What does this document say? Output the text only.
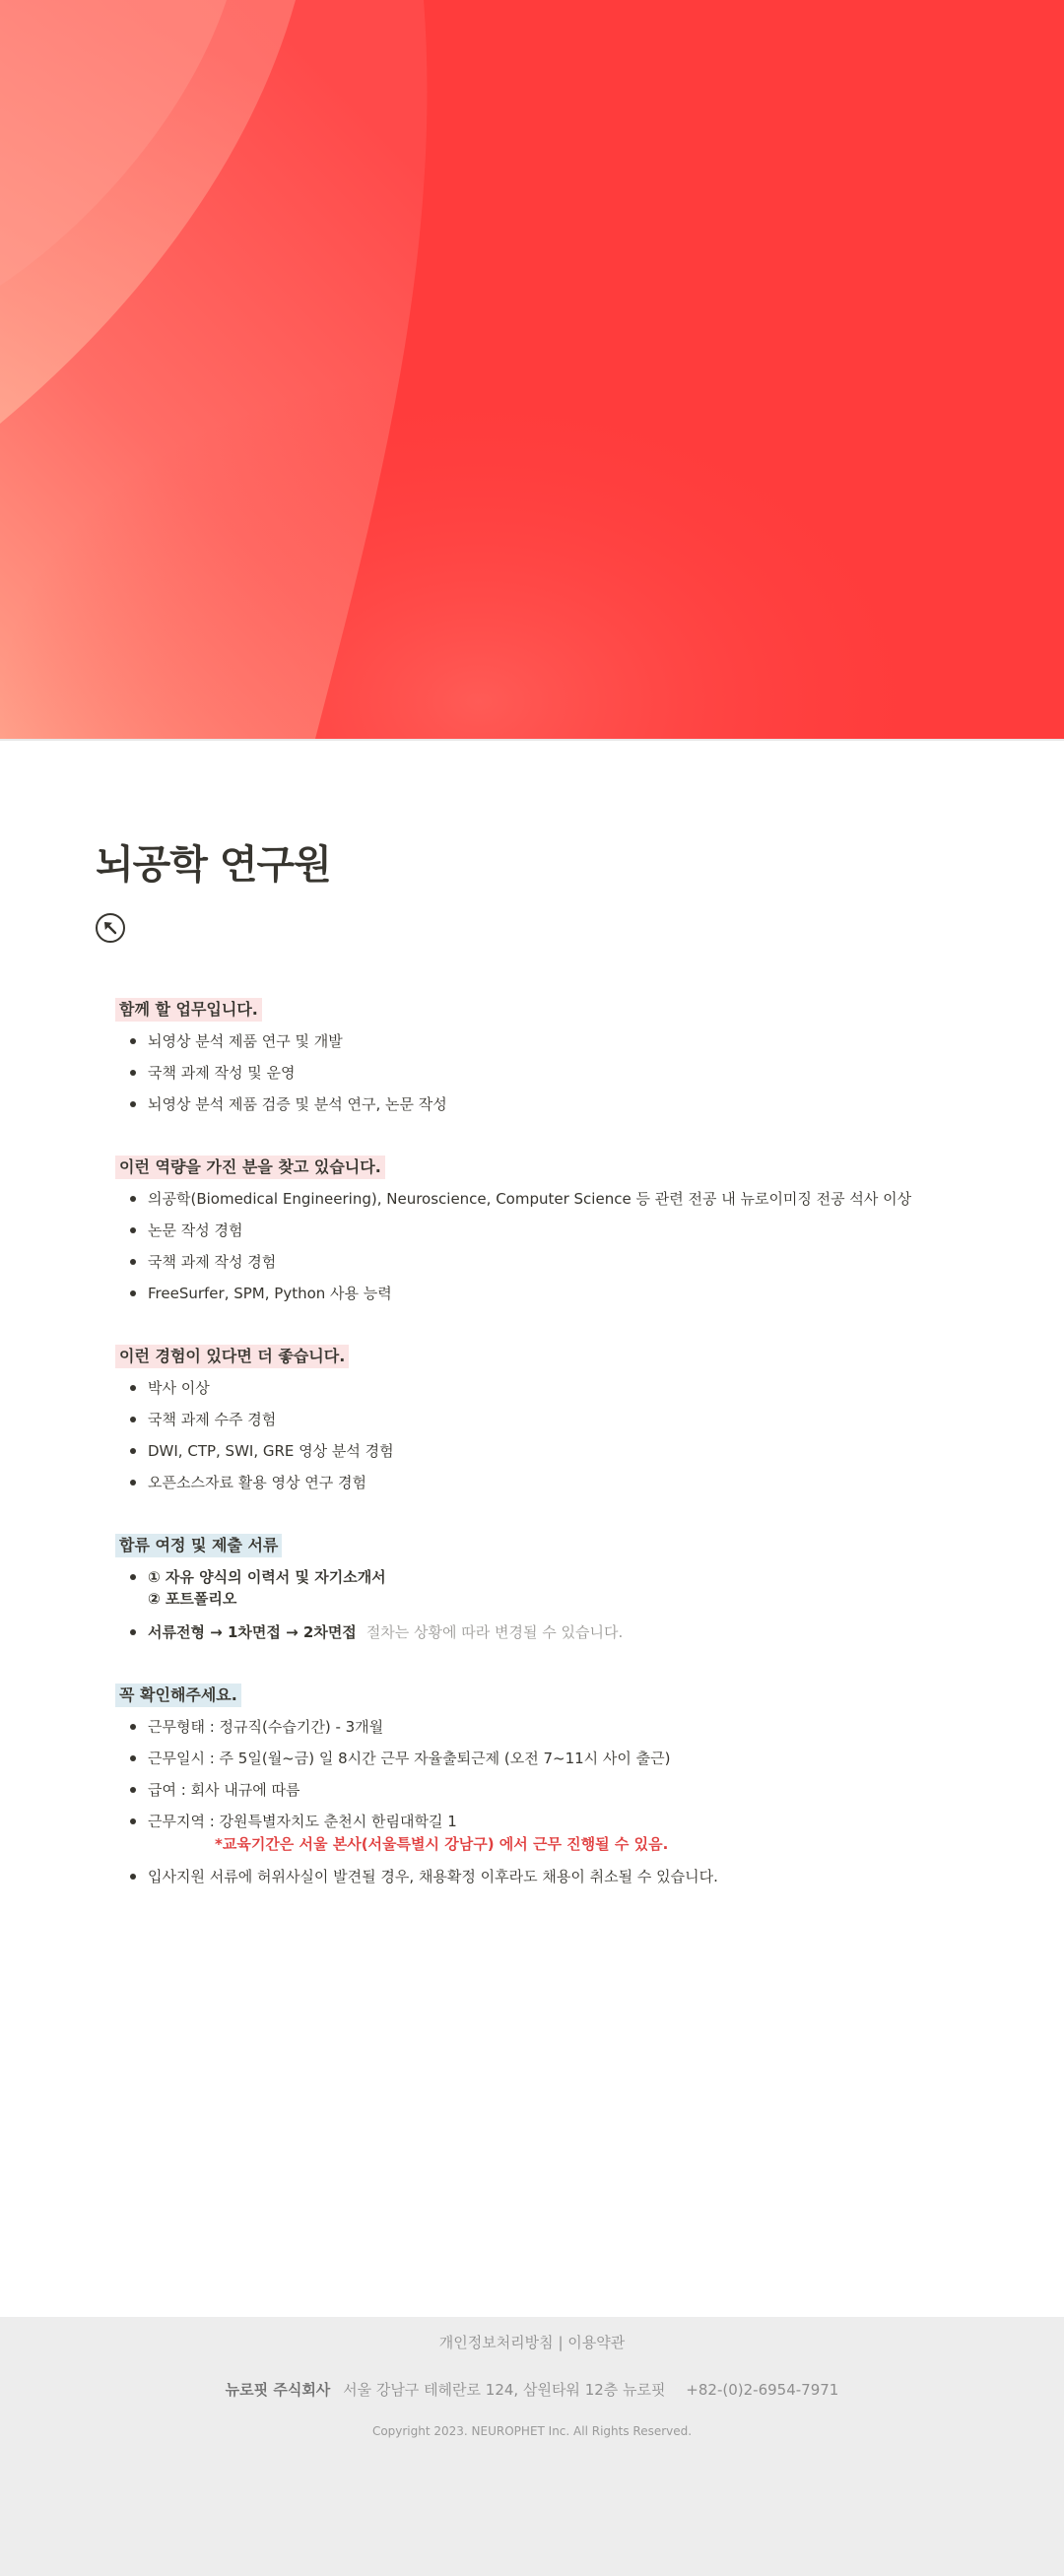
뇌공학 연구원
함께 할 업무입니다.
뇌영상 분석 제품 연구 및 개발
국책 과제 작성 및 운영
뇌영상 분석 제품 검증 및 분석 연구, 논문 작성
이런 역량을 가진 분을 찾고 있습니다.
의공학(Biomedical Engineering), Neuroscience, Computer Science 등 관련 전공 내 뉴로이미징 전공 석사 이상
논문 작성 경험
국책 과제 작성 경험
FreeSurfer, SPM, Python 사용 능력
이런 경험이 있다면 더 좋습니다.
박사 이상
국책 과제 수주 경험
DWI, CTP, SWI, GRE 영상 분석 경험
오픈소스자료 활용 영상 연구 경험
합류 여정 및 제출 서류
① 자유 양식의 이력서 및 자기소개서
② 포트폴리오
서류전형 → 1차면접 → 2차면접 절차는 상황에 따라 변경될 수 있습니다.
꼭 확인해주세요.
근무형태 : 정규직(수습기간) - 3개월
근무일시 : 주 5일(월~금) 일 8시간 근무 자율출퇴근제 (오전 7~11시 사이 출근)
급여 : 회사 내규에 따름
근무지역 : 강원특별자치도 춘천시 한림대학길 1
*교육기간은 서울 본사(서울특별시 강남구) 에서 근무 진행될 수 있음.
입사지원 서류에 허위사실이 발견될 경우, 채용확정 이후라도 채용이 취소될 수 있습니다.
개인정보처리방침 | 이용약관
뉴로핏 주식회사 서울 강남구 테헤란로 124, 삼원타워 12층 뉴로핏 +82-(0)2-6954-7971
Copyright 2023. NEUROPHET Inc. All Rights Reserved.
